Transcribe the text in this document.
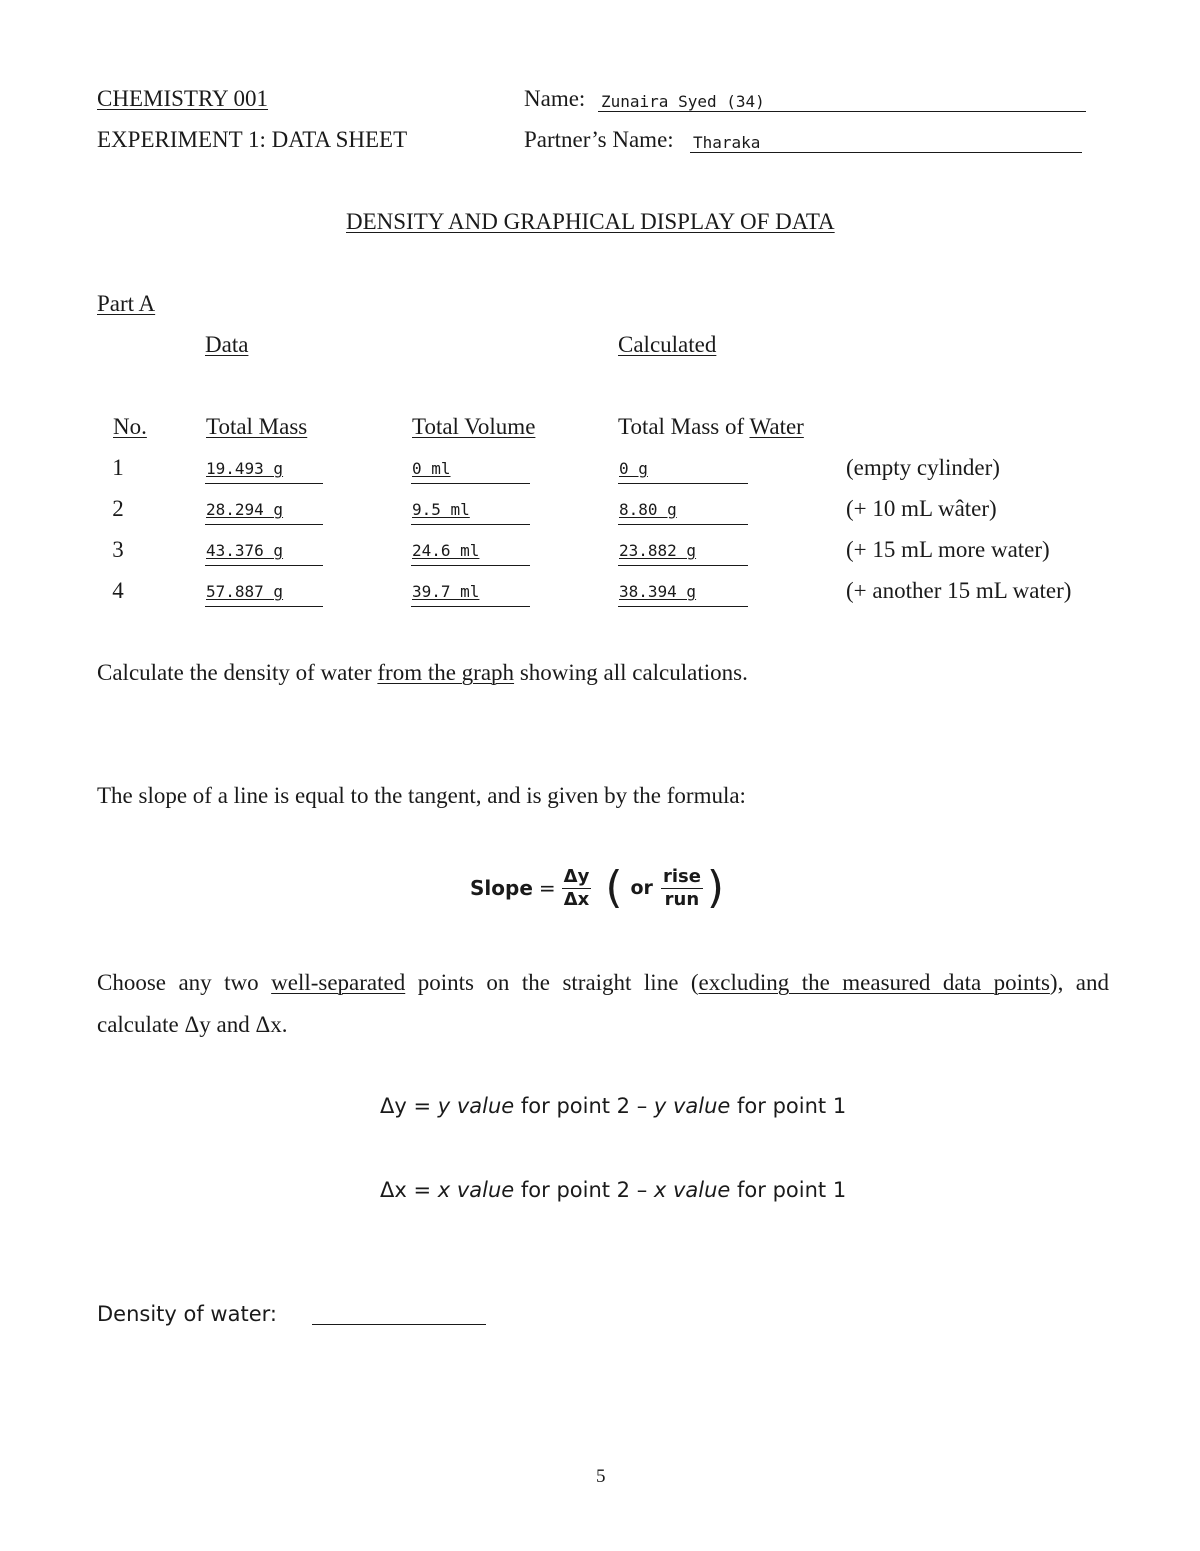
CHEMISTRY 001
EXPERIMENT 1: DATA SHEET
Name: Zunaira Syed (34)
Partner’s Name: Tharaka
DENSITY AND GRAPHICAL DISPLAY OF DATA
Part A
Data	Calculated
No.	Total Mass	Total Volume	Total Mass of Water
1	19.493 g	0 ml	0 g	(empty cylinder)
2	28.294 g	9.5 ml	8.80 g	(+ 10 mL wâter)
3	43.376 g	24.6 ml	23.882 g	(+ 15 mL more water)
4	57.887 g	39.7 ml	38.394 g	(+ another 15 mL water)
Calculate the density of water from the graph showing all calculations.
The slope of a line is equal to the tangent, and is given by the formula:
Slope = $\frac{\Delta y}{\Delta x}$ ( or $\frac{\text{rise}}{\text{run}}$ )
Choose any two well-separated points on the straight line (excluding the measured data points), and
calculate Δy and Δx.
Δy = y value for point 2 – y value for point 1
Δx = x value for point 2 – x value for point 1
Density of water:
5
